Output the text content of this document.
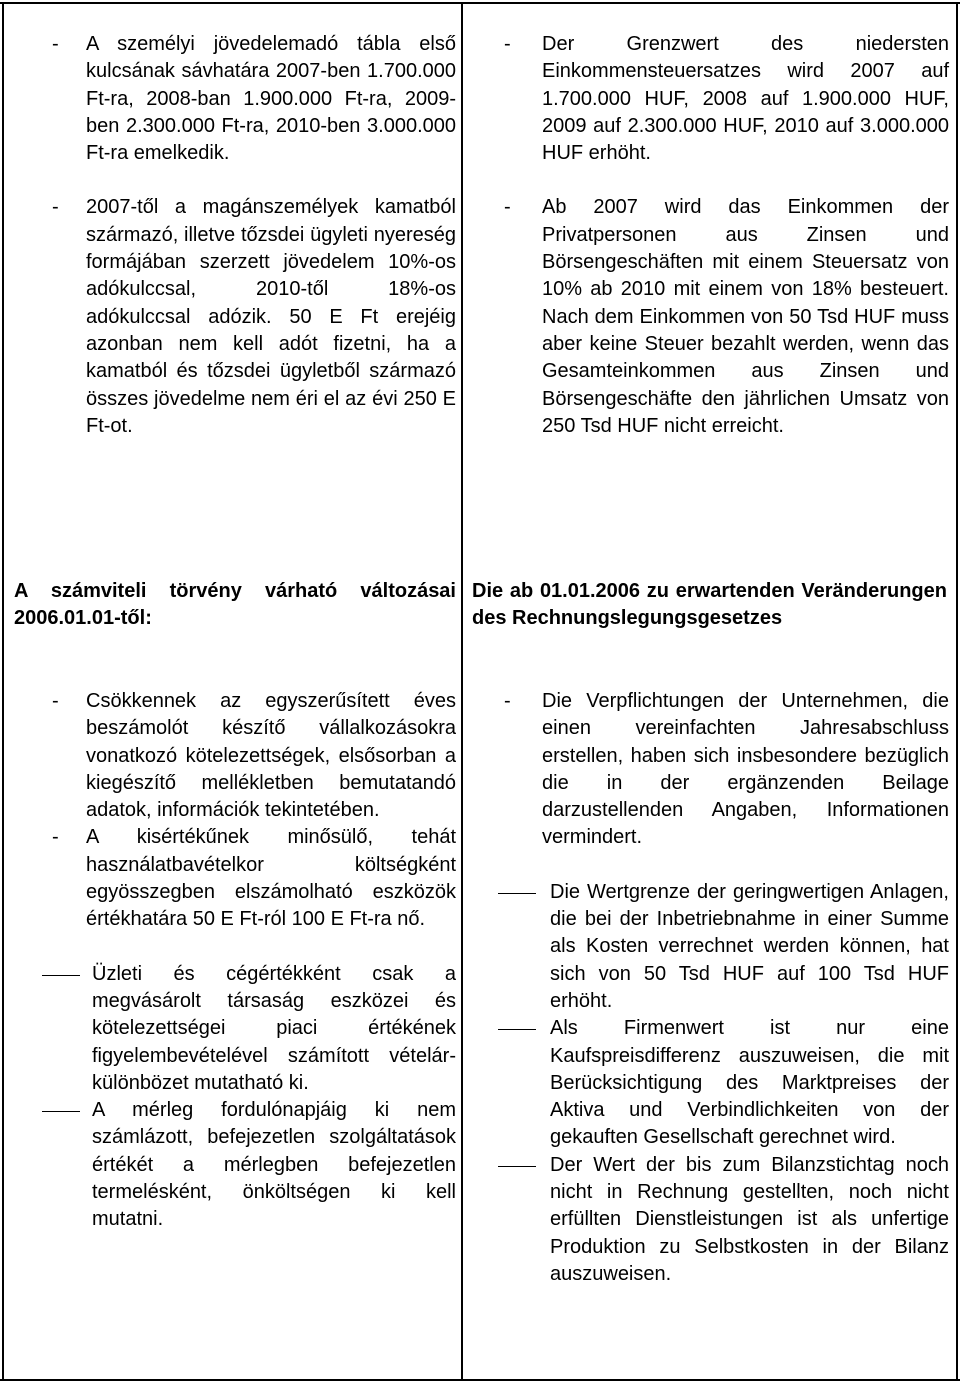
- A személyi jövedelemadó tábla első kulcsának sávhatára 2007-ben 1.700.000 Ft-ra, 2008-ban 1.900.000 Ft-ra, 2009-ben 2.300.000 Ft-ra, 2010-ben 3.000.000 Ft-ra emelkedik.

- 2007-től a magánszemélyek kamatból származó, illetve tőzsdei ügyleti nyereség formájában szerzett jövedelem 10%-os adókulccsal, 2010-től 18%-os adókulccsal adózik. 50 E Ft erejéig azonban nem kell adót fizetni, ha a kamatból és tőzsdei ügyletből származó összes jövedelme nem éri el az évi 250 E Ft-ot.

- Der Grenzwert des niedersten Einkommensteuersatzes wird 2007 auf 1.700.000 HUF, 2008 auf 1.900.000 HUF, 2009 auf 2.300.000 HUF, 2010 auf 3.000.000 HUF erhöht.

- Ab 2007 wird das Einkommen der Privatpersonen aus Zinsen und Börsengeschäften mit einem Steuersatz von 10% ab 2010 mit einem von 18% besteuert. Nach dem Einkommen von 50 Tsd HUF muss aber keine Steuer bezahlt werden, wenn das Gesamteinkommen aus Zinsen und Börsengeschäfte den jährlichen Umsatz von 250 Tsd HUF nicht erreicht.

A számviteli törvény várható változásai 2006.01.01-től:

Die ab 01.01.2006 zu erwartenden Veränderungen des Rechnungslegungsgesetzes

- Csökkennek az egyszerűsített éves beszámolót készítő vállalkozásokra vonatkozó kötelezettségek, elsősorban a kiegészítő mellékletben bemutatandó adatok, információk tekintetében.

- A kisértékűnek minősülő, tehát használatbavételkor költségként egyösszegben elszámolható eszközök értékhatára 50 E Ft-ról 100 E Ft-ra nő.

Üzleti és cégértékként csak a megvásárolt társaság eszközei és kötelezettségei piaci értékének figyelembevételével számított vételár-különbözet mutatható ki.

A mérleg fordulónapjáig ki nem számlázott, befejezetlen szolgáltatások értékét a mérlegben befejezetlen termelésként, önköltségen ki kell mutatni.

- Die Verpflichtungen der Unternehmen, die einen vereinfachten Jahresabschluss erstellen, haben sich insbesondere bezüglich die in der ergänzenden Beilage darzustellenden Angaben, Informationen vermindert.

Die Wertgrenze der geringwertigen Anlagen, die bei der Inbetriebnahme in einer Summe als Kosten verrechnet werden können, hat sich von 50 Tsd HUF auf 100 Tsd HUF erhöht.

Als Firmenwert ist nur eine Kaufspreisdifferenz auszuweisen, die mit Berücksichtigung des Marktpreises der Aktiva und Verbindlichkeiten von der gekauften Gesellschaft gerechnet wird.

Der Wert der bis zum Bilanzstichtag noch nicht in Rechnung gestellten, noch nicht erfüllten Dienstleistungen ist als unfertige Produktion zu Selbstkosten in der Bilanz auszuweisen.
